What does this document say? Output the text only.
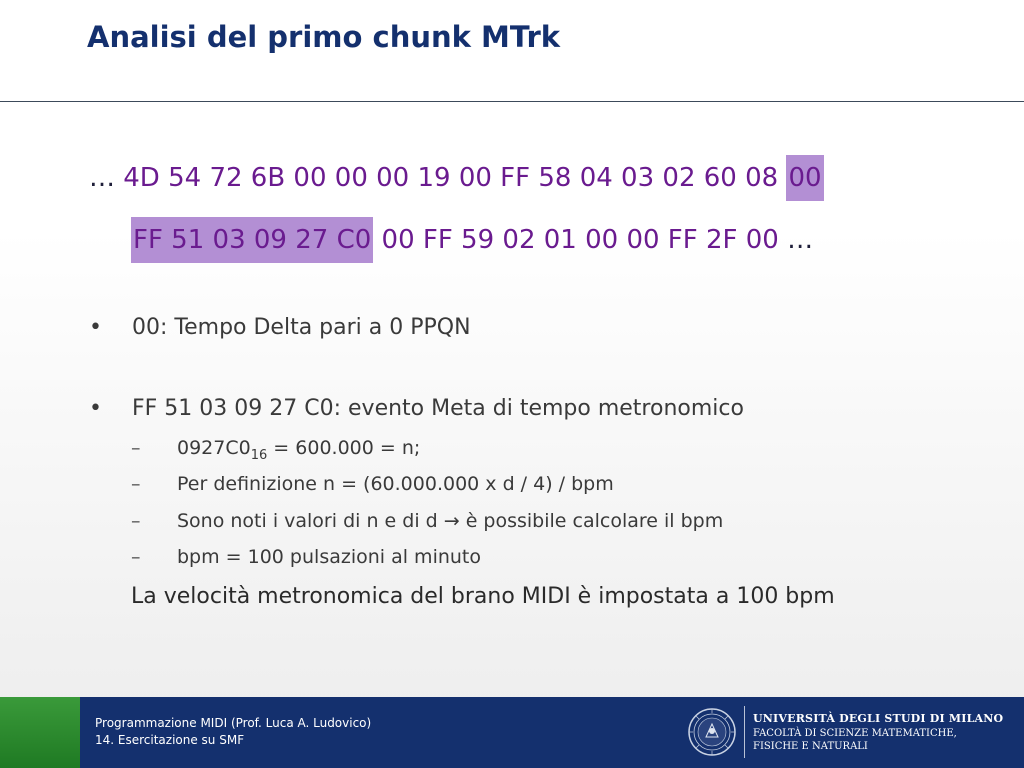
Analisi del primo chunk MTrk
… 4D 54 72 6B 00 00 00 19 00 FF 58 04 03 02 60 08 00
FF 51 03 09 27 C0 00 FF 59 02 01 00 00 FF 2F 00 …
• 00: Tempo Delta pari a 0 PPQN
• FF 51 03 09 27 C0: evento Meta di tempo metronomico
– $0927C0_{16} = 600.000 = n$;
– Per definizione n = (60.000.000 x d / 4) / bpm
– Sono noti i valori di n e di d → è possibile calcolare il bpm
– bpm = 100 pulsazioni al minuto
La velocità metronomica del brano MIDI è impostata a 100 bpm
Programmazione MIDI (Prof. Luca A. Ludovico)
14. Esercitazione su SMF
UNIVERSITÀ DEGLI STUDI DI MILANO
FACOLTÀ DI SCIENZE MATEMATICHE,
FISICHE E NATURALI
